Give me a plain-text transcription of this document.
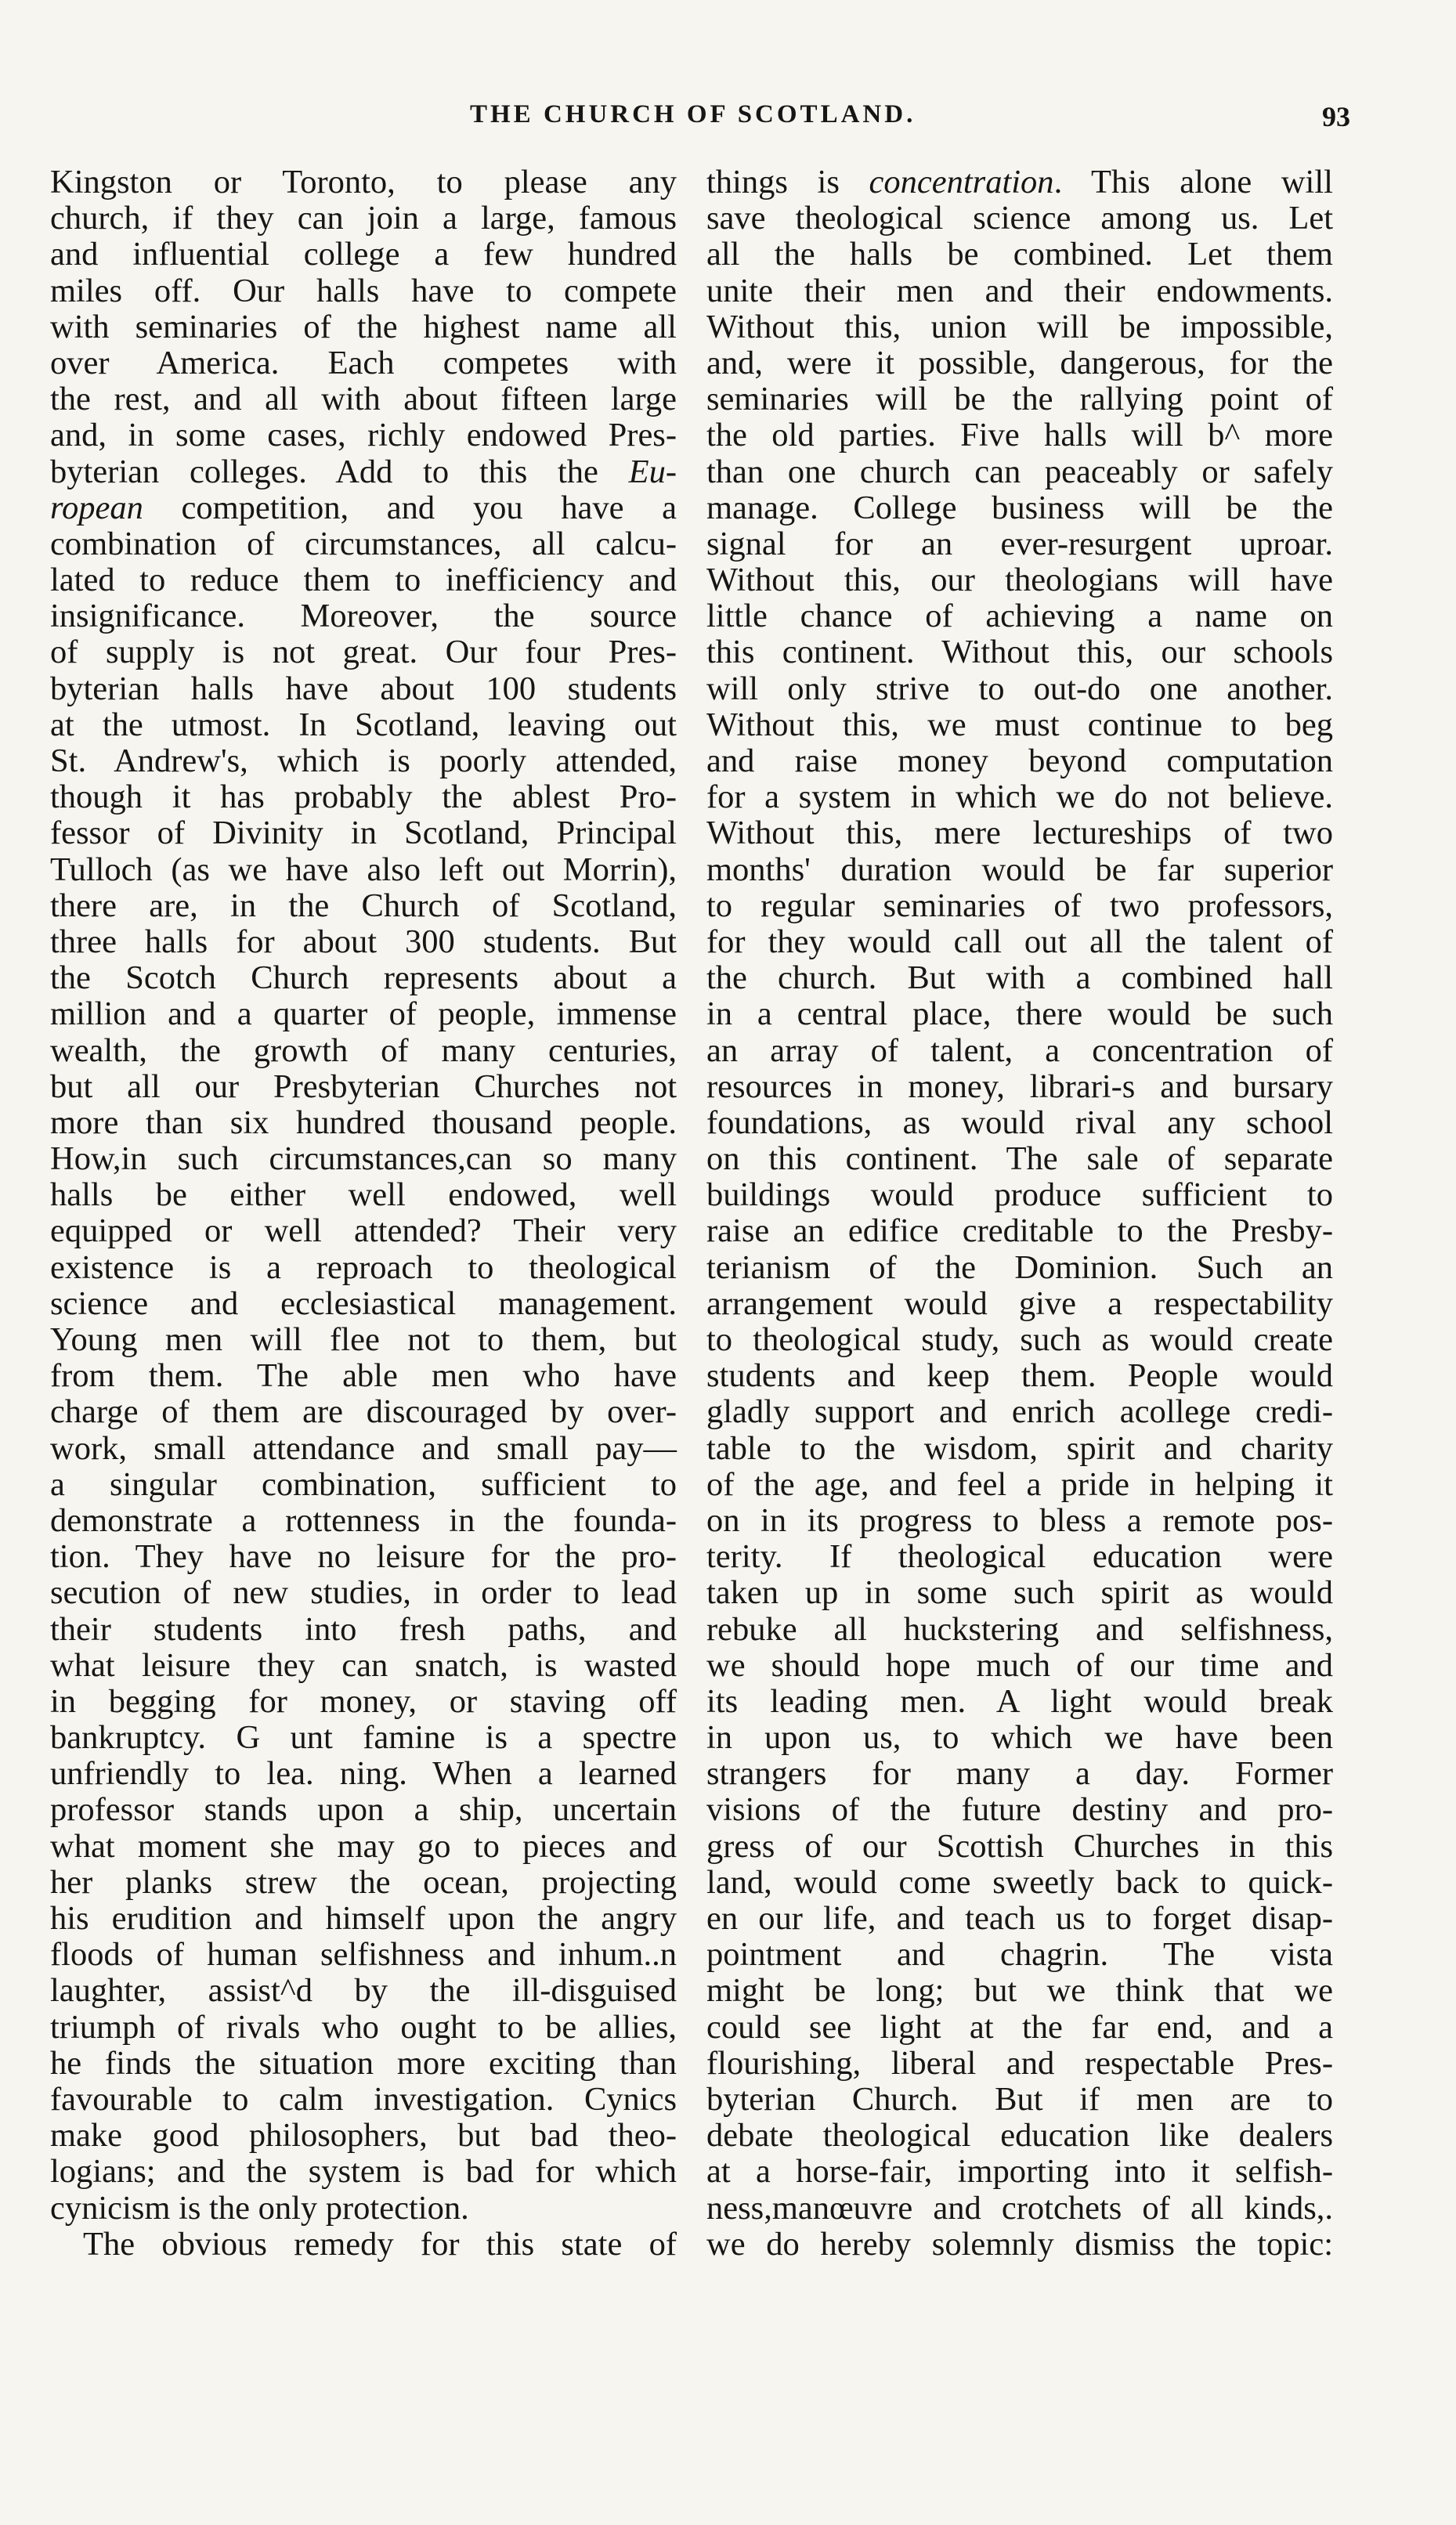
THE CHURCH OF SCOTLAND.	93
Kingston or Toronto, to please any
church, if they can join a large, famous
and influential college a few hundred
miles off. Our halls have to compete
with seminaries of the highest name all
over America. Each competes with
the rest, and all with about fifteen large
and, in some cases, richly endowed Pres-
byterian colleges. Add to this the Eu-
ropean competition, and you have a
combination of circumstances, all calcu-
lated to reduce them to inefficiency and
insignificance. Moreover, the source
of supply is not great. Our four Pres-
byterian halls have about 100 students
at the utmost. In Scotland, leaving out
St. Andrew's, which is poorly attended,
though it has probably the ablest Pro-
fessor of Divinity in Scotland, Principal
Tulloch (as we have also left out Morrin),
there are, in the Church of Scotland,
three halls for about 300 students. But
the Scotch Church represents about a
million and a quarter of people, immense
wealth, the growth of many centuries,
but all our Presbyterian Churches not
more than six hundred thousand people.
How,in such circumstances,can so many
halls be either well endowed, well
equipped or well attended? Their very
existence is a reproach to theological
science and ecclesiastical management.
Young men will flee not to them, but
from them. The able men who have
charge of them are discouraged by over-
work, small attendance and small pay—
a singular combination, sufficient to
demonstrate a rottenness in the founda-
tion. They have no leisure for the pro-
secution of new studies, in order to lead
their students into fresh paths, and
what leisure they can snatch, is wasted
in begging for money, or staving off
bankruptcy. G unt famine is a spectre
unfriendly to lea. ning. When a learned
professor stands upon a ship, uncertain
what moment she may go to pieces and
her planks strew the ocean, projecting
his erudition and himself upon the angry
floods of human selfishness and inhum..n
laughter, assist^d by the ill-disguised
triumph of rivals who ought to be allies,
he finds the situation more exciting than
favourable to calm investigation. Cynics
make good philosophers, but bad theo-
logians; and the system is bad for which
cynicism is the only protection.
The obvious remedy for this state of
things is concentration. This alone will
save theological science among us. Let
all the halls be combined. Let them
unite their men and their endowments.
Without this, union will be impossible,
and, were it possible, dangerous, for the
seminaries will be the rallying point of
the old parties. Five halls will b^ more
than one church can peaceably or safely
manage. College business will be the
signal for an ever-resurgent uproar.
Without this, our theologians will have
little chance of achieving a name on
this continent. Without this, our schools
will only strive to out-do one another.
Without this, we must continue to beg
and raise money beyond computation
for a system in which we do not believe.
Without this, mere lectureships of two
months' duration would be far superior
to regular seminaries of two professors,
for they would call out all the talent of
the church. But with a combined hall
in a central place, there would be such
an array of talent, a concentration of
resources in money, librari-s and bursary
foundations, as would rival any school
on this continent. The sale of separate
buildings would produce sufficient to
raise an edifice creditable to the Presby-
terianism of the Dominion. Such an
arrangement would give a respectability
to theological study, such as would create
students and keep them. People would
gladly support and enrich acollege credi-
table to the wisdom, spirit and charity
of the age, and feel a pride in helping it
on in its progress to bless a remote pos-
terity. If theological education were
taken up in some such spirit as would
rebuke all huckstering and selfishness,
we should hope much of our time and
its leading men. A light would break
in upon us, to which we have been
strangers for many a day. Former
visions of the future destiny and pro-
gress of our Scottish Churches in this
land, would come sweetly back to quick-
en our life, and teach us to forget disap-
pointment and chagrin. The vista
might be long; but we think that we
could see light at the far end, and a
flourishing, liberal and respectable Pres-
byterian Church. But if men are to
debate theological education like dealers
at a horse-fair, importing into it selfish-
ness,manœuvre and crotchets of all kinds,.
we do hereby solemnly dismiss the topic:
